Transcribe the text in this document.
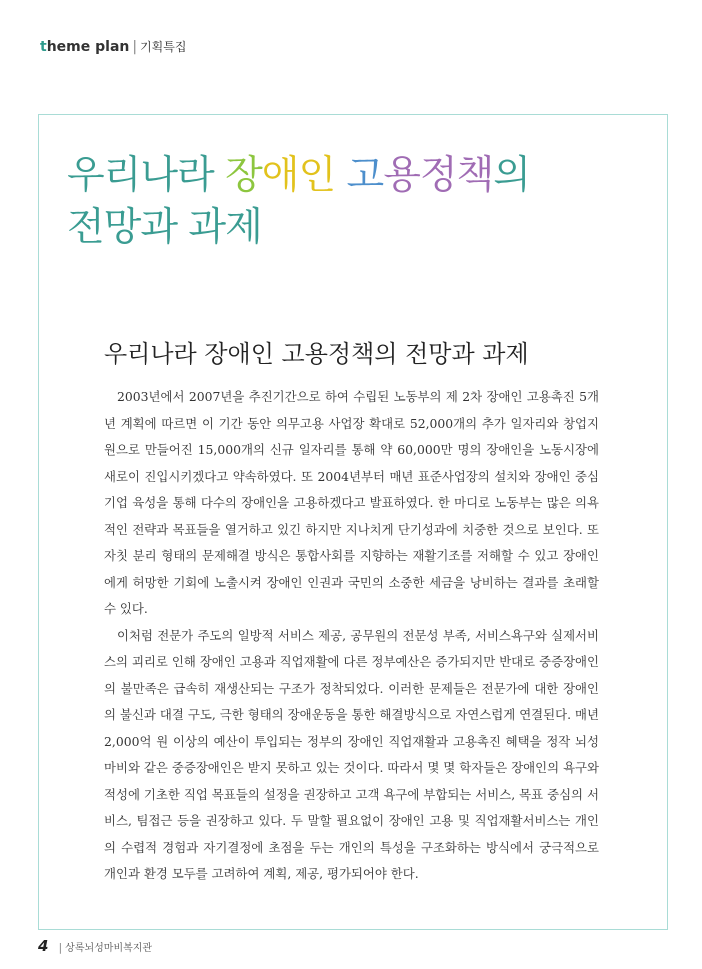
theme plan | 기획특집
우리나라 장애인 고용정책의
전망과 과제
우리나라 장애인 고용정책의 전망과 과제

2003년에서 2007년을 추진기간으로 하여 수립된 노동부의 제 2차 장애인 고용촉진 5개년 계획에 따르면 이 기간 동안 의무고용 사업장 확대로 52,000개의 추가 일자리와 창업지원으로 만들어진 15,000개의 신규 일자리를 통해 약 60,000만 명의 장애인을 노동시장에 새로이 진입시키겠다고 약속하였다. 또 2004년부터 매년 표준사업장의 설치와 장애인 중심기업 육성을 통해 다수의 장애인을 고용하겠다고 발표하였다. 한 마디로 노동부는 많은 의욕적인 전략과 목표들을 열거하고 있긴 하지만 지나치게 단기성과에 치중한 것으로 보인다. 또 자칫 분리 형태의 문제해결 방식은 통합사회를 지향하는 재활기조를 저해할 수 있고 장애인에게 허망한 기회에 노출시켜 장애인 인권과 국민의 소중한 세금을 낭비하는 결과를 초래할 수 있다.

이처럼 전문가 주도의 일방적 서비스 제공, 공무원의 전문성 부족, 서비스욕구와 실제서비스의 괴리로 인해 장애인 고용과 직업재활에 다른 정부예산은 증가되지만 반대로 중증장애인의 불만족은 급속히 재생산되는 구조가 정착되었다. 이러한 문제들은 전문가에 대한 장애인의 불신과 대결 구도, 극한 형태의 장애운동을 통한 해결방식으로 자연스럽게 연결된다. 매년 2,000억 원 이상의 예산이 투입되는 정부의 장애인 직업재활과 고용촉진 혜택을 정작 뇌성마비와 같은 중증장애인은 받지 못하고 있는 것이다. 따라서 몇 몇 학자들은 장애인의 욕구와 적성에 기초한 직업 목표들의 설정을 권장하고 고객 욕구에 부합되는 서비스, 목표 중심의 서비스, 팀접근 등을 권장하고 있다. 두 말할 필요없이 장애인 고용 및 직업재활서비스는 개인의 수렵적 경험과 자기결정에 초점을 두는 개인의 특성을 구조화하는 방식에서 궁극적으로 개인과 환경 모두를 고려하여 계획, 제공, 평가되어야 한다.

4 | 상록뇌성마비복지관
